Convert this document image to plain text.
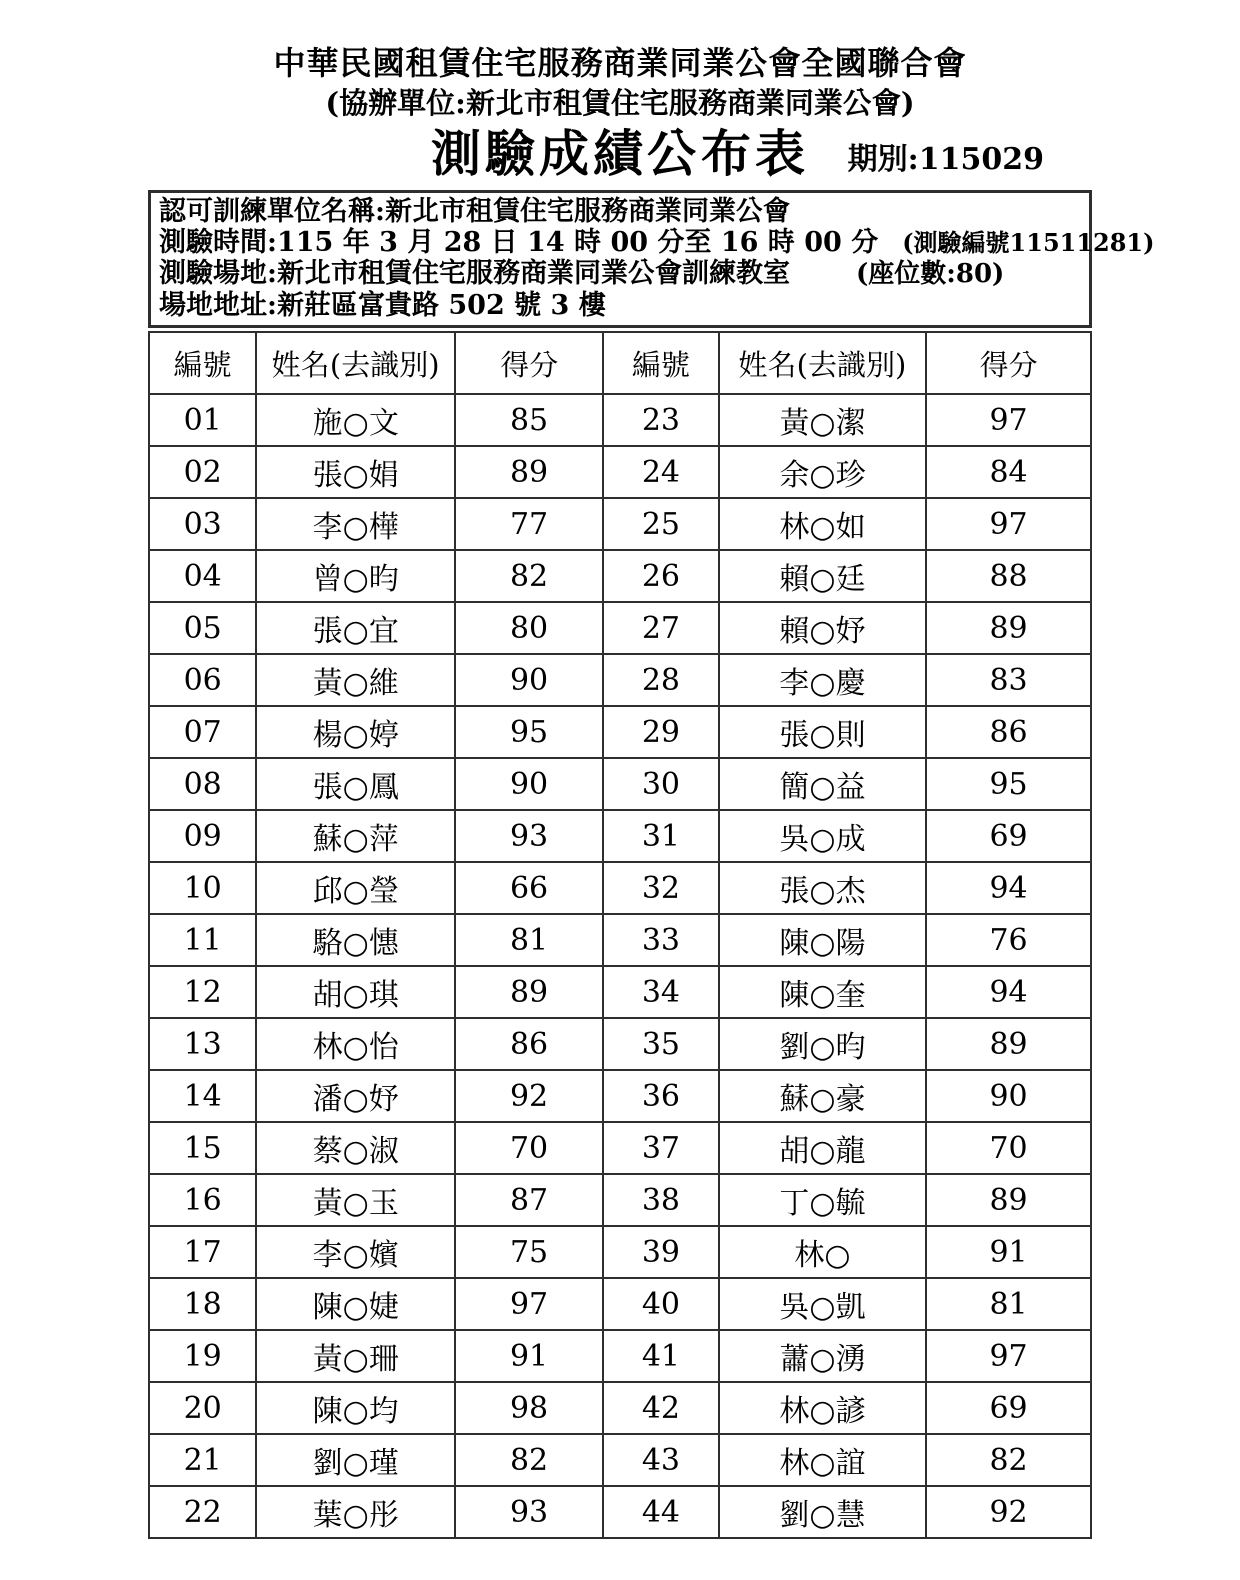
中華民國租賃住宅服務商業同業公會全國聯合會
(協辦單位:新北市租賃住宅服務商業同業公會)
測驗成績公布表	期別:115029
認可訓練單位名稱:新北市租賃住宅服務商業同業公會
測驗時間:115 年 3 月 28 日 14 時 00 分至 16 時 00 分 (測驗編號11511281)
測驗場地:新北市租賃住宅服務商業同業公會訓練教室	(座位數:80)
場地地址:新莊區富貴路 502 號 3 樓
編號	姓名(去識別)	得分	編號	姓名(去識別)	得分
01	施○文	85	23	黃○潔	97
02	張○娟	89	24	余○珍	84
03	李○樺	77	25	林○如	97
04	曾○昀	82	26	賴○廷	88
05	張○宜	80	27	賴○妤	89
06	黃○維	90	28	李○慶	83
07	楊○婷	95	29	張○則	86
08	張○鳳	90	30	簡○益	95
09	蘇○萍	93	31	吳○成	69
10	邱○瑩	66	32	張○杰	94
11	駱○憓	81	33	陳○陽	76
12	胡○琪	89	34	陳○奎	94
13	林○怡	86	35	劉○昀	89
14	潘○妤	92	36	蘇○豪	90
15	蔡○淑	70	37	胡○龍	70
16	黃○玉	87	38	丁○毓	89
17	李○嬪	75	39	林○	91
18	陳○婕	97	40	吳○凱	81
19	黃○珊	91	41	蕭○湧	97
20	陳○均	98	42	林○諺	69
21	劉○瑾	82	43	林○誼	82
22	葉○彤	93	44	劉○慧	92
